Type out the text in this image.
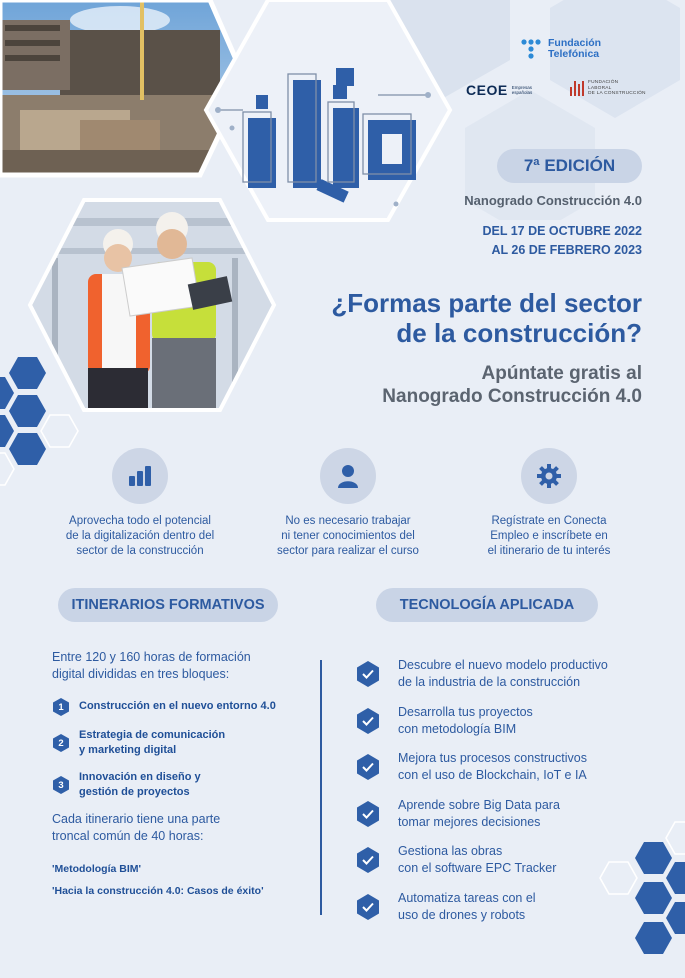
Fundación
Telefónica
CEOE Empresas
españolas
FUNDACIÓN
LABORAL
DE LA CONSTRUCCIÓN
7ª EDICIÓN
Nanogrado Construcción 4.0
DEL 17 DE OCTUBRE 2022
AL 26 DE FEBRERO 2023
¿Formas parte del sector
de la construcción?
Apúntate gratis al
Nanogrado Construcción 4.0
Aprovecha todo el potencial
de la digitalización dentro del
sector de la construcción
No es necesario trabajar
ni tener conocimientos del
sector para realizar el curso
Regístrate en Conecta
Empleo e inscríbete en
el itinerario de tu interés
ITINERARIOS FORMATIVOS	TECNOLOGÍA APLICADA
Entre 120 y 160 horas de formación
digital divididas en tres bloques:
1 Construcción en el nuevo entorno 4.0
2
Estrategia de comunicación
y marketing digital
3
Innovación en diseño y
gestión de proyectos
Cada itinerario tiene una parte
troncal común de 40 horas:
'Metodología BIM'
'Hacia la construcción 4.0: Casos de éxito'
Descubre el nuevo modelo productivo
de la industria de la construcción
Desarrolla tus proyectos
con metodología BIM
Mejora tus procesos constructivos
con el uso de Blockchain, IoT e IA
Aprende sobre Big Data para
tomar mejores decisiones
Gestiona las obras
con el software EPC Tracker
Automatiza tareas con el
uso de drones y robots
